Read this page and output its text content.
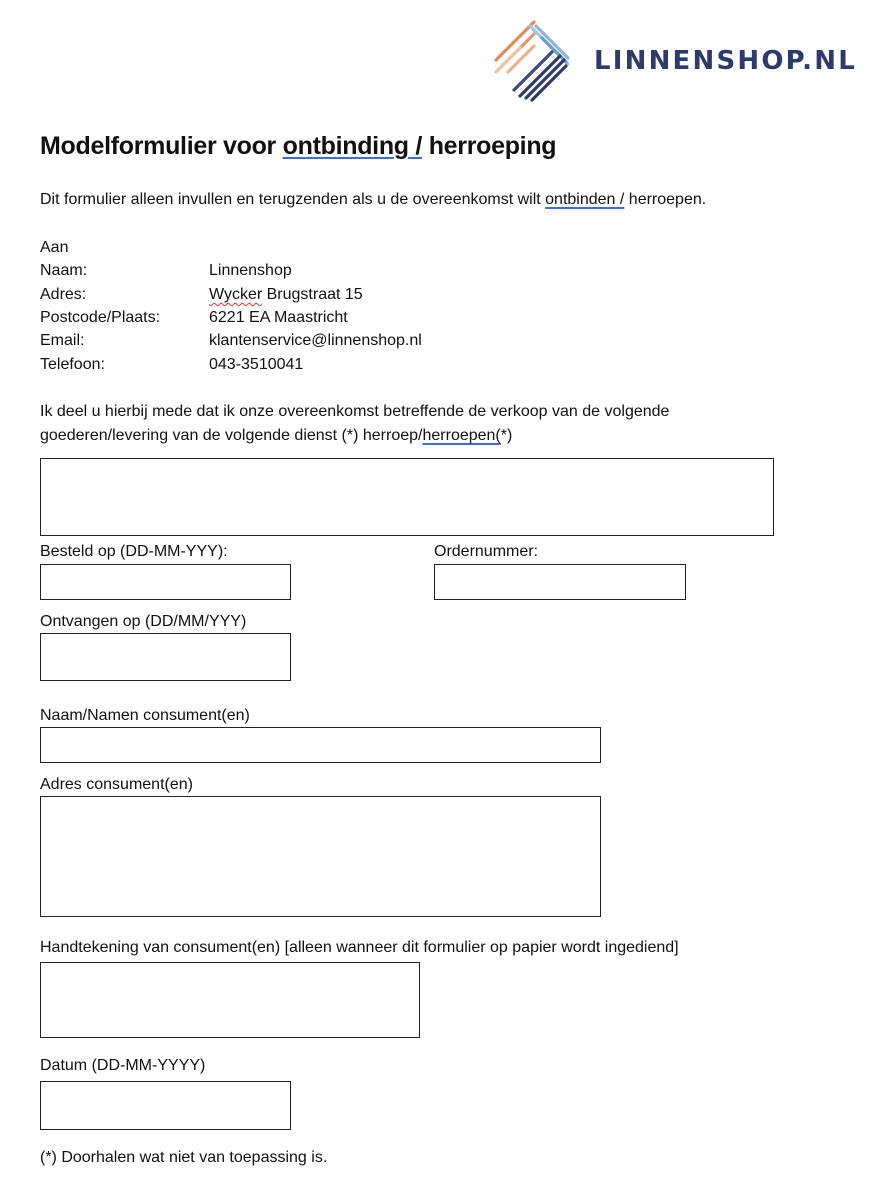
LINNENSHOP.NL
Modelformulier voor ontbinding / herroeping
Dit formulier alleen invullen en terugzenden als u de overeenkomst wilt ontbinden / herroepen.
Aan
Naam:	Linnenshop
Adres:	Wycker Brugstraat 15
Postcode/Plaats:	6221 EA Maastricht
Email:	klantenservice@linnenshop.nl
Telefoon:	043-3510041
Ik deel u hierbij mede dat ik onze overeenkomst betreffende de verkoop van de volgende
goederen/levering van de volgende dienst (*) herroep/herroepen(*)
Besteld op (DD-MM-YYY):	Ordernummer:
Ontvangen op (DD/MM/YYY)
Naam/Namen consument(en)
Adres consument(en)
Handtekening van consument(en) [alleen wanneer dit formulier op papier wordt ingediend]
Datum (DD-MM-YYYY)
(*) Doorhalen wat niet van toepassing is.
